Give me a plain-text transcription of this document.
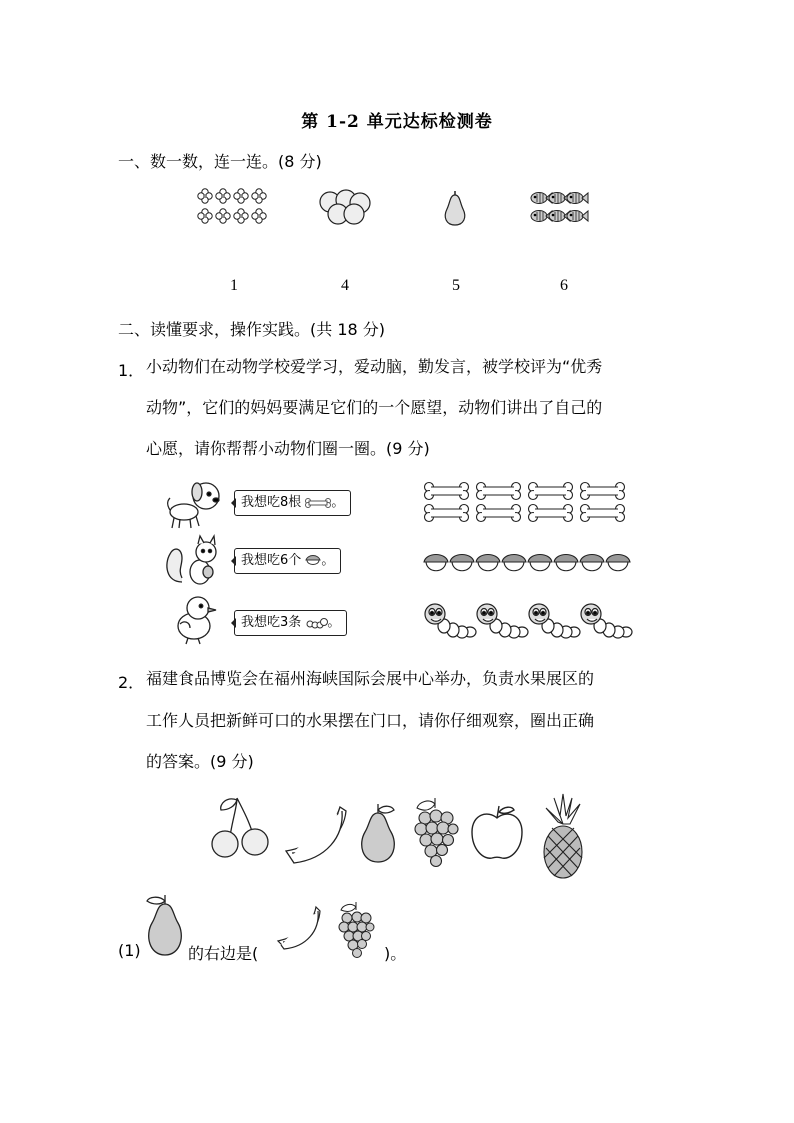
第 1-2 单元达标检测卷
一、数一数，连一连。(8 分)
1	4	5	6
二、读懂要求，操作实践。(共 18 分)
1． 小动物们在动物学校爱学习，爱动脑，勤发言，被学校评为“优秀
动物”，它们的妈妈要满足它们的一个愿望，动物们讲出了自己的
心愿，请你帮帮小动物们圈一圈。(9 分)
我想吃8根 。
我想吃6个 。
我想吃3条 。
2． 福建食品博览会在福州海峡国际会展中心举办，负责水果展区的
工作人员把新鲜可口的水果摆在门口，请你仔细观察，圈出正确
的答案。(9 分)
(1)	的右边是(	)。
